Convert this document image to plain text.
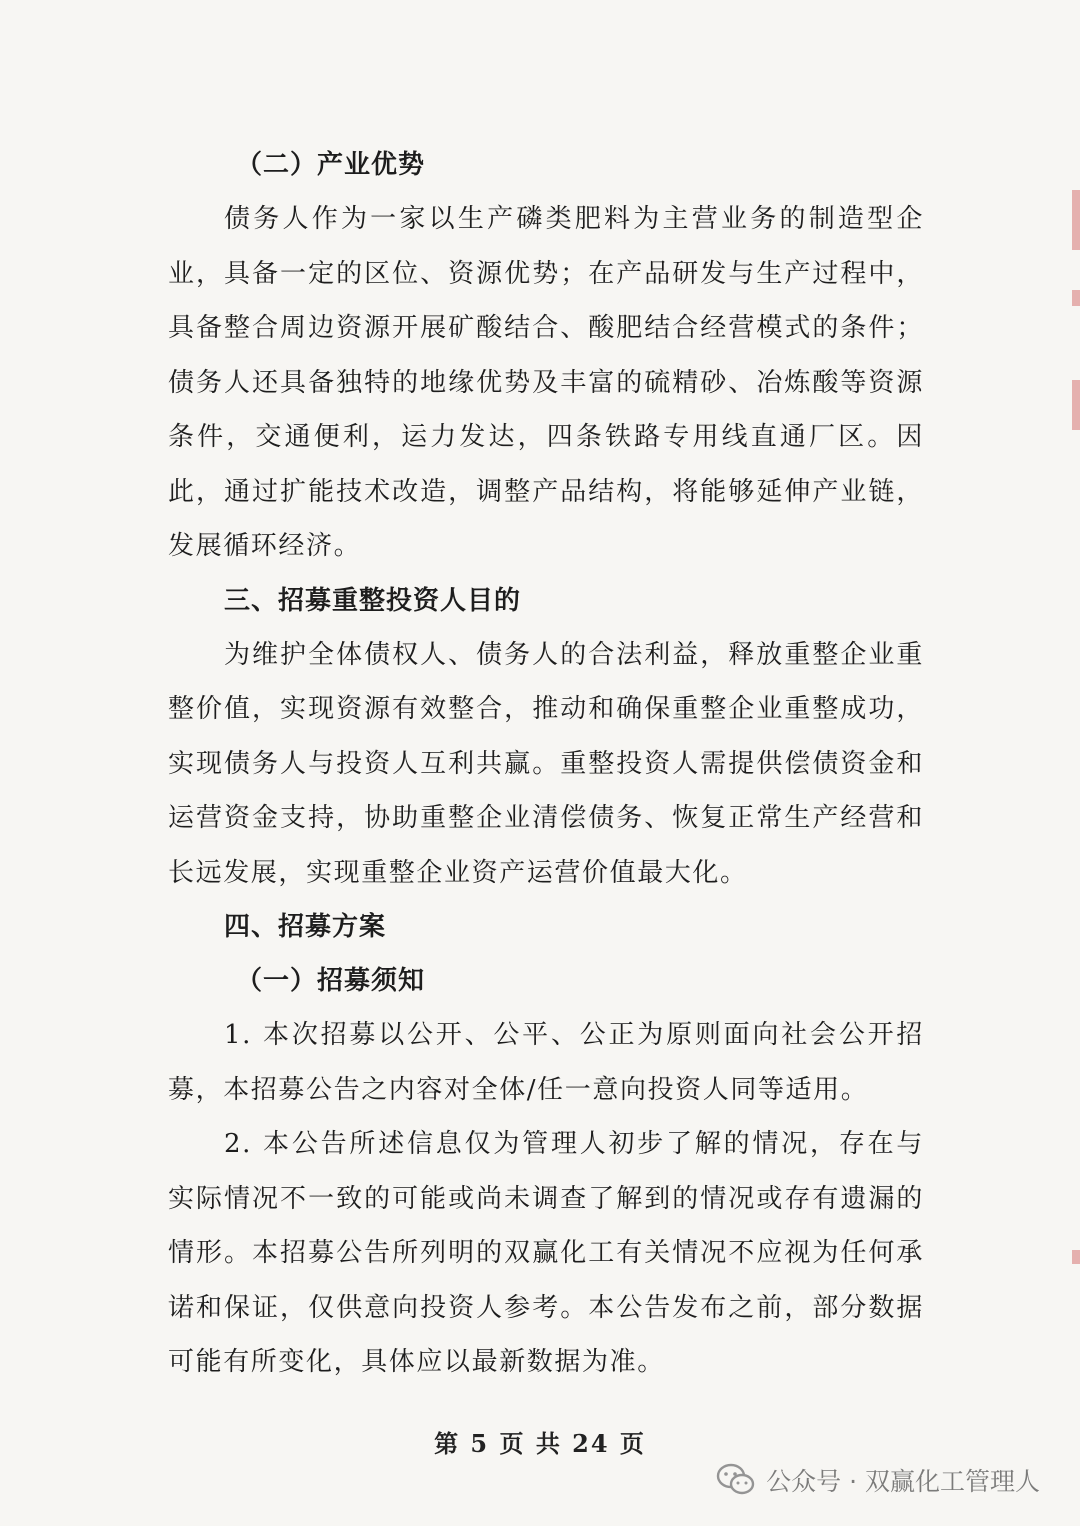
（二）产业优势

债务人作为一家以生产磷类肥料为主营业务的制造型企业，具备一定的区位、资源优势；在产品研发与生产过程中，具备整合周边资源开展矿酸结合、酸肥结合经营模式的条件；债务人还具备独特的地缘优势及丰富的硫精砂、冶炼酸等资源条件，交通便利，运力发达，四条铁路专用线直通厂区。因此，通过扩能技术改造，调整产品结构，将能够延伸产业链，发展循环经济。

三、招募重整投资人目的

为维护全体债权人、债务人的合法利益，释放重整企业重整价值，实现资源有效整合，推动和确保重整企业重整成功，实现债务人与投资人互利共赢。重整投资人需提供偿债资金和运营资金支持，协助重整企业清偿债务、恢复正常生产经营和长远发展，实现重整企业资产运营价值最大化。

四、招募方案
（一）招募须知

1. 本次招募以公开、公平、公正为原则面向社会公开招募，本招募公告之内容对全体/任一意向投资人同等适用。

2. 本公告所述信息仅为管理人初步了解的情况，存在与实际情况不一致的可能或尚未调查了解到的情况或存有遗漏的情形。本招募公告所列明的双赢化工有关情况不应视为任何承诺和保证，仅供意向投资人参考。本公告发布之前，部分数据可能有所变化，具体应以最新数据为准。

第 5 页 共 24 页
公众号 · 双赢化工管理人
